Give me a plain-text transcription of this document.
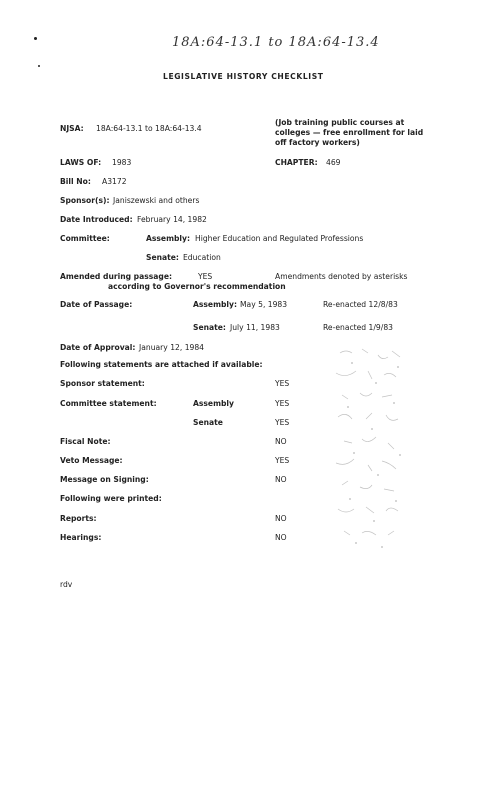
18A:64-13.1 to 18A:64-13.4
LEGISLATIVE HISTORY CHECKLIST
NJSA: 18A:64-13.1 to 18A:64-13.4
(Job training public courses at
colleges — free enrollment for laid
off factory workers)
LAWS OF: 1983	CHAPTER: 469
Bill No: A3172
Sponsor(s): Janiszewski and others
Date Introduced: February 14, 1982
Committee:	Assembly: Higher Education and Regulated Professions
Senate: Education
Amended during passage:	YES	Amendments denoted by asterisks
according to Governor's recommendation
Date of Passage:	Assembly: May 5, 1983	Re-enacted 12/8/83
Senate: July 11, 1983	Re-enacted 1/9/83
Date of Approval: January 12, 1984
Following statements are attached if available:
Sponsor statement:	YES
Committee statement:	Assembly	YES
Senate	YES
Fiscal Note:	NO
Veto Message:	YES
Message on Signing:	NO
Following were printed:
Reports:	NO
Hearings:	NO
rdv
